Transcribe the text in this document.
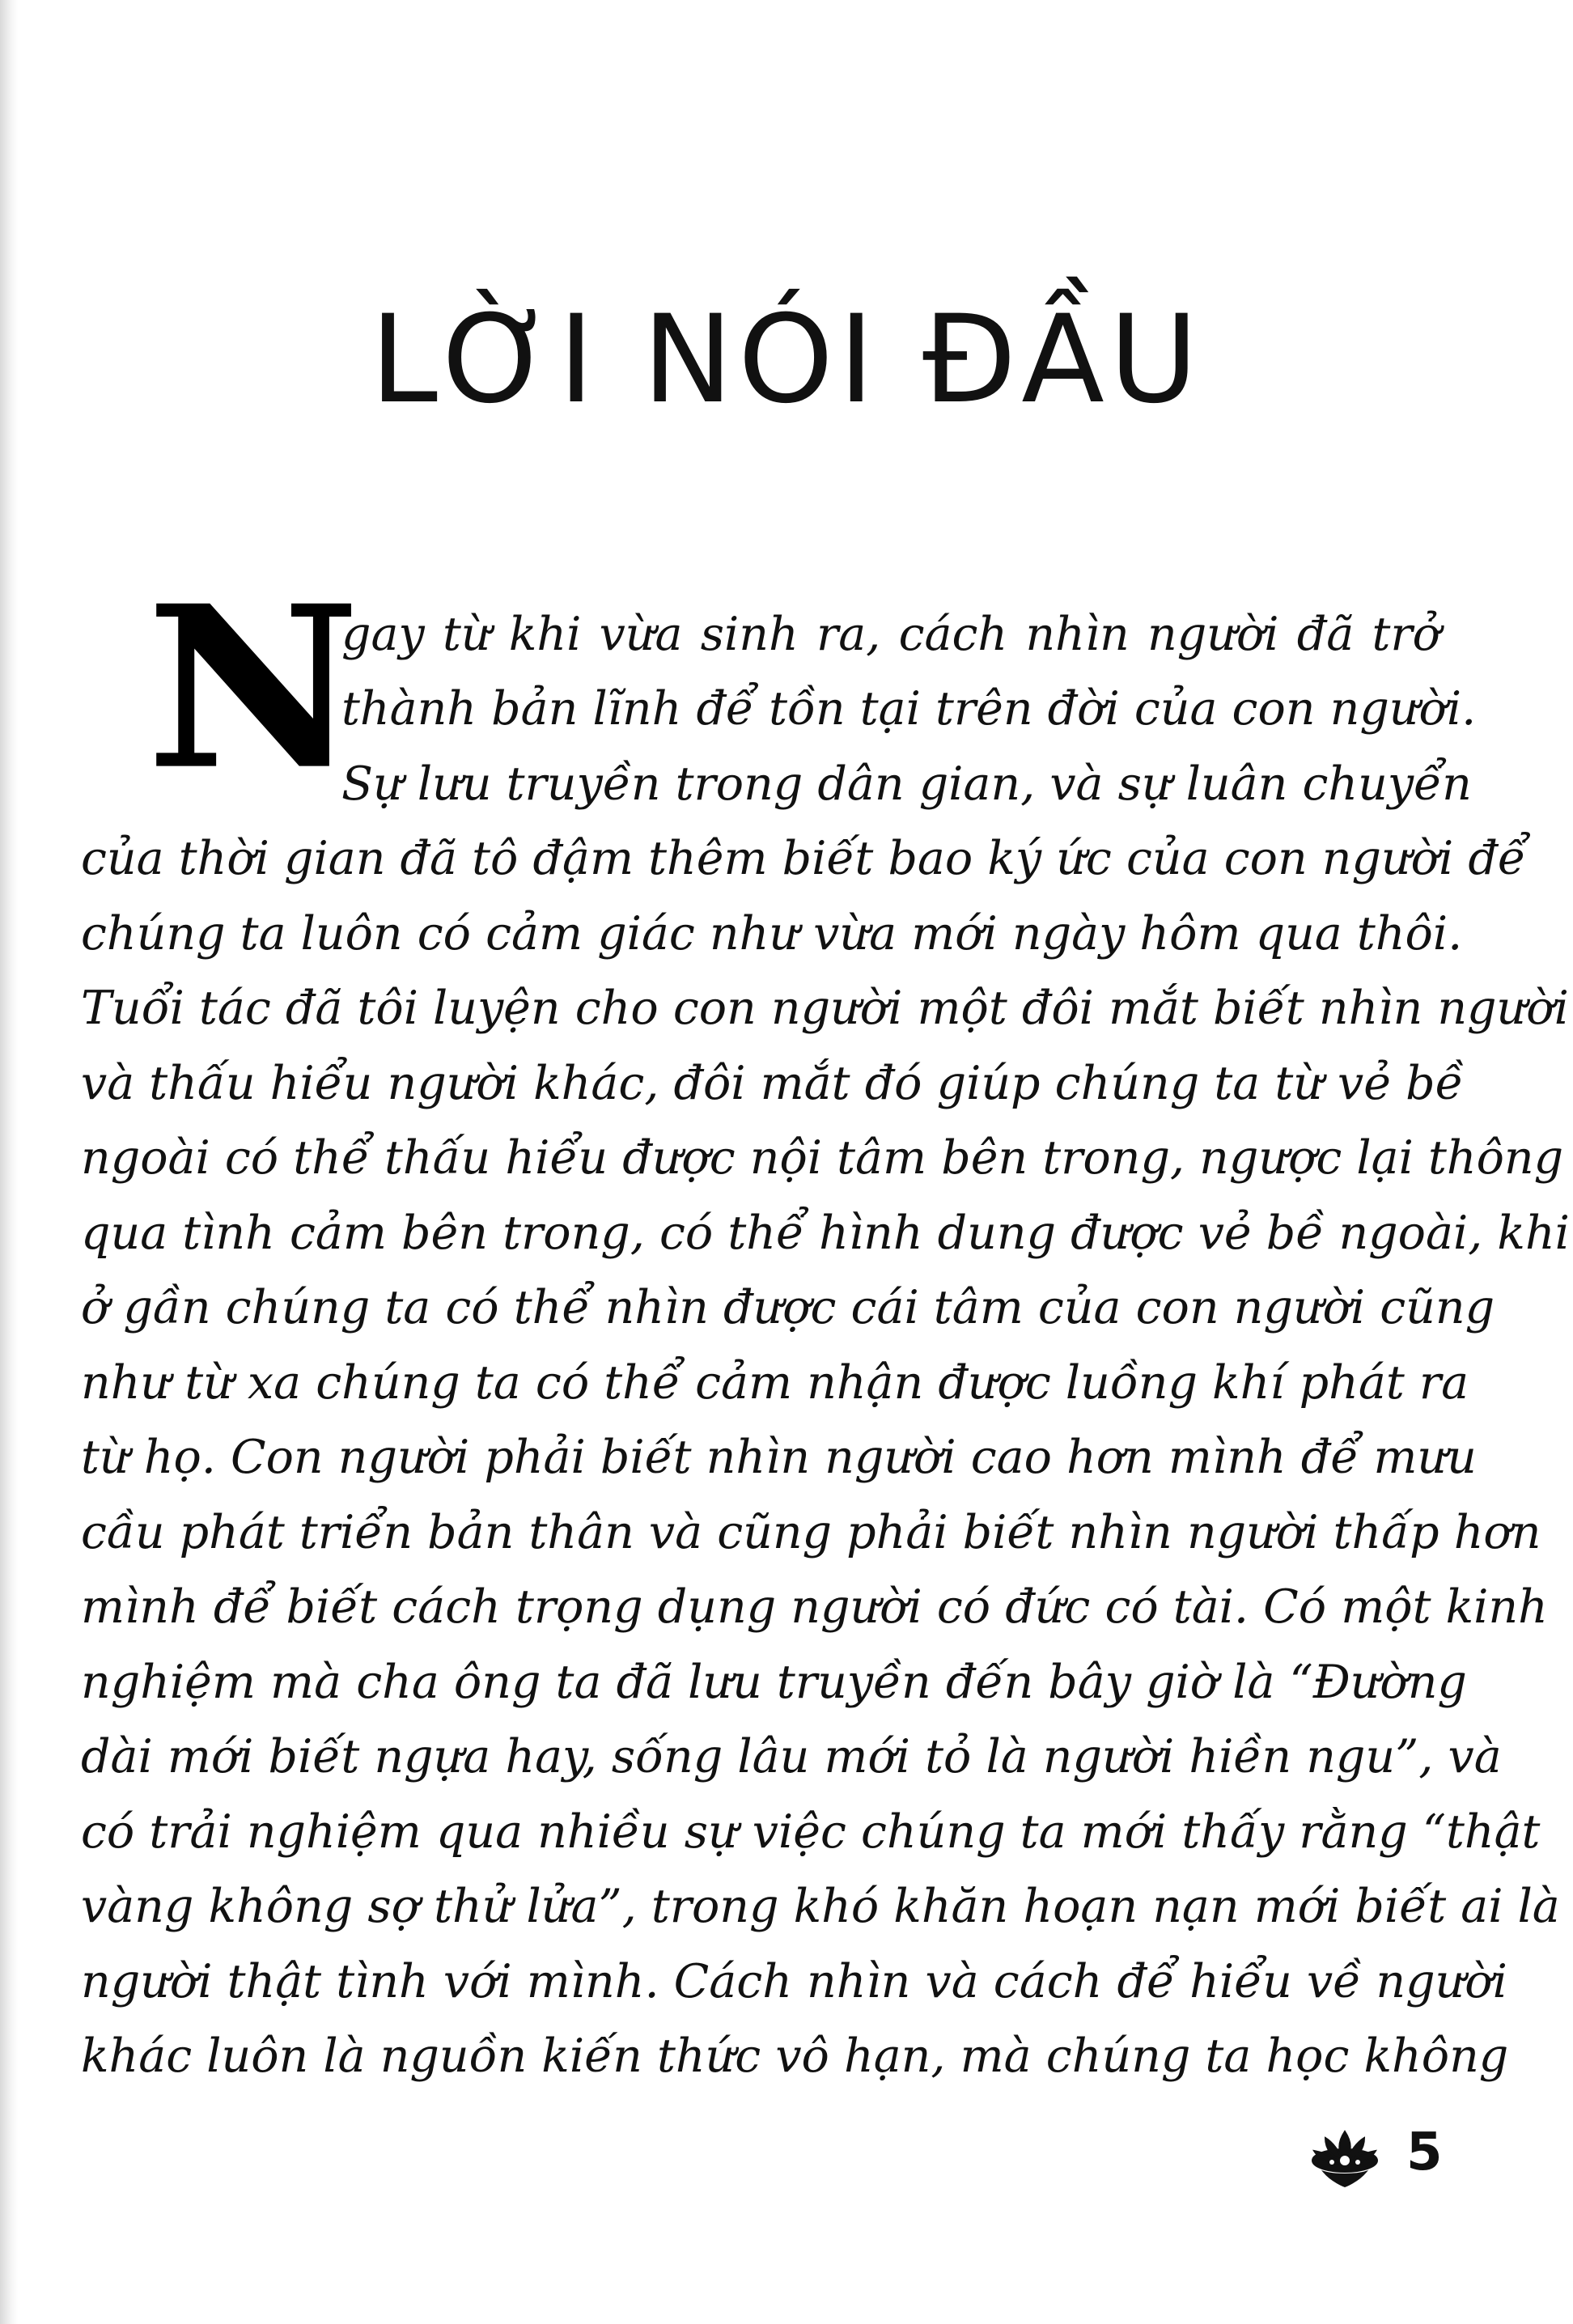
LỜI NÓI ĐẦU
N

gay từ khi vừa sinh ra, cách nhìn người đã trở

thành bản lĩnh để tồn tại trên đời của con người.

Sự lưu truyền trong dân gian, và sự luân chuyển

của thời gian đã tô đậm thêm biết bao ký ức của con người để

chúng ta luôn có cảm giác như vừa mới ngày hôm qua thôi.

Tuổi tác đã tôi luyện cho con người một đôi mắt biết nhìn người

và thấu hiểu người khác, đôi mắt đó giúp chúng ta từ vẻ bề

ngoài có thể thấu hiểu được nội tâm bên trong, ngược lại thông

qua tình cảm bên trong, có thể hình dung được vẻ bề ngoài, khi

ở gần chúng ta có thể nhìn được cái tâm của con người cũng

như từ xa chúng ta có thể cảm nhận được luồng khí phát ra

từ họ. Con người phải biết nhìn người cao hơn mình để mưu

cầu phát triển bản thân và cũng phải biết nhìn người thấp hơn

mình để biết cách trọng dụng người có đức có tài. Có một kinh

nghiệm mà cha ông ta đã lưu truyền đến bây giờ là “Đường

dài mới biết ngựa hay, sống lâu mới tỏ là người hiền ngu”, và

có trải nghiệm qua nhiều sự việc chúng ta mới thấy rằng “thật

vàng không sợ thử lửa”, trong khó khăn hoạn nạn mới biết ai là

người thật tình với mình. Cách nhìn và cách để hiểu về người

khác luôn là nguồn kiến thức vô hạn, mà chúng ta học không

5
